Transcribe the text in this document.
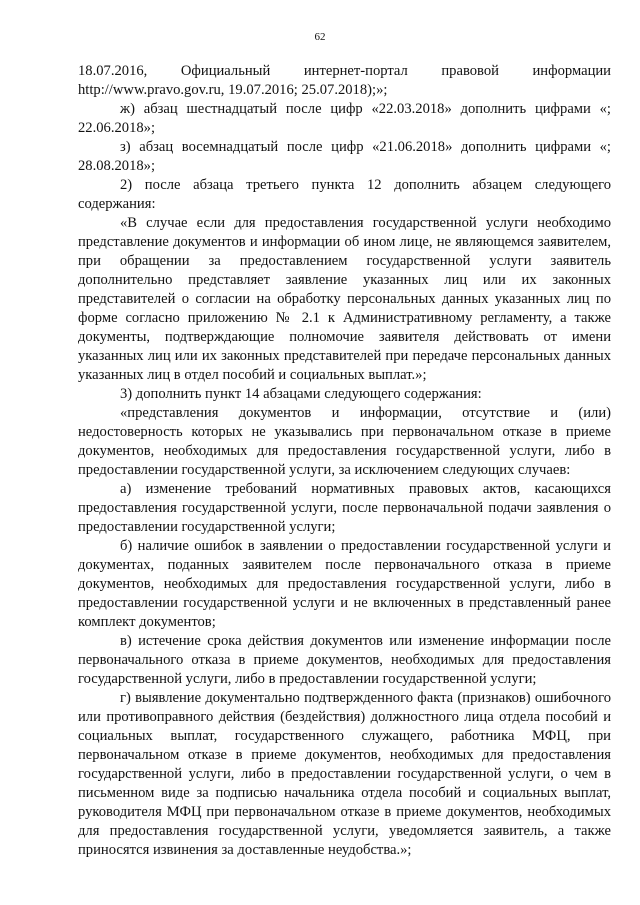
62

18.07.2016, Официальный интернет-портал правовой информации http://www.pravo.gov.ru, 19.07.2016; 25.07.2018);»;

ж) абзац шестнадцатый после цифр «22.03.2018» дополнить цифрами «; 22.06.2018»;

з) абзац восемнадцатый после цифр «21.06.2018» дополнить цифрами «; 28.08.2018»;

2) после абзаца третьего пункта 12 дополнить абзацем следующего содержания:

«В случае если для предоставления государственной услуги необходимо представление документов и информации об ином лице, не являющемся заявителем, при обращении за предоставлением государственной услуги заявитель дополнительно представляет заявление указанных лиц или их законных представителей о согласии на обработку персональных данных указанных лиц по форме согласно приложению № 2.1 к Административному регламенту, а также документы, подтверждающие полномочие заявителя действовать от имени указанных лиц или их законных представителей при передаче персональных данных указанных лиц в отдел пособий и социальных выплат.»;

3) дополнить пункт 14 абзацами следующего содержания:

«представления документов и информации, отсутствие и (или) недостоверность которых не указывались при первоначальном отказе в приеме документов, необходимых для предоставления государственной услуги, либо в предоставлении государственной услуги, за исключением следующих случаев:

а) изменение требований нормативных правовых актов, касающихся предоставления государственной услуги, после первоначальной подачи заявления о предоставлении государственной услуги;

б) наличие ошибок в заявлении о предоставлении государственной услуги и документах, поданных заявителем после первоначального отказа в приеме документов, необходимых для предоставления государственной услуги, либо в предоставлении государственной услуги и не включенных в представленный ранее комплект документов;

в) истечение срока действия документов или изменение информации после первоначального отказа в приеме документов, необходимых для предоставления государственной услуги, либо в предоставлении государственной услуги;

г) выявление документально подтвержденного факта (признаков) ошибочного или противоправного действия (бездействия) должностного лица отдела пособий и социальных выплат, государственного служащего, работника МФЦ, при первоначальном отказе в приеме документов, необходимых для предоставления государственной услуги, либо в предоставлении государственной услуги, о чем в письменном виде за подписью начальника отдела пособий и социальных выплат, руководителя МФЦ при первоначальном отказе в приеме документов, необходимых для предоставления государственной услуги, уведомляется заявитель, а также приносятся извинения за доставленные неудобства.»;
